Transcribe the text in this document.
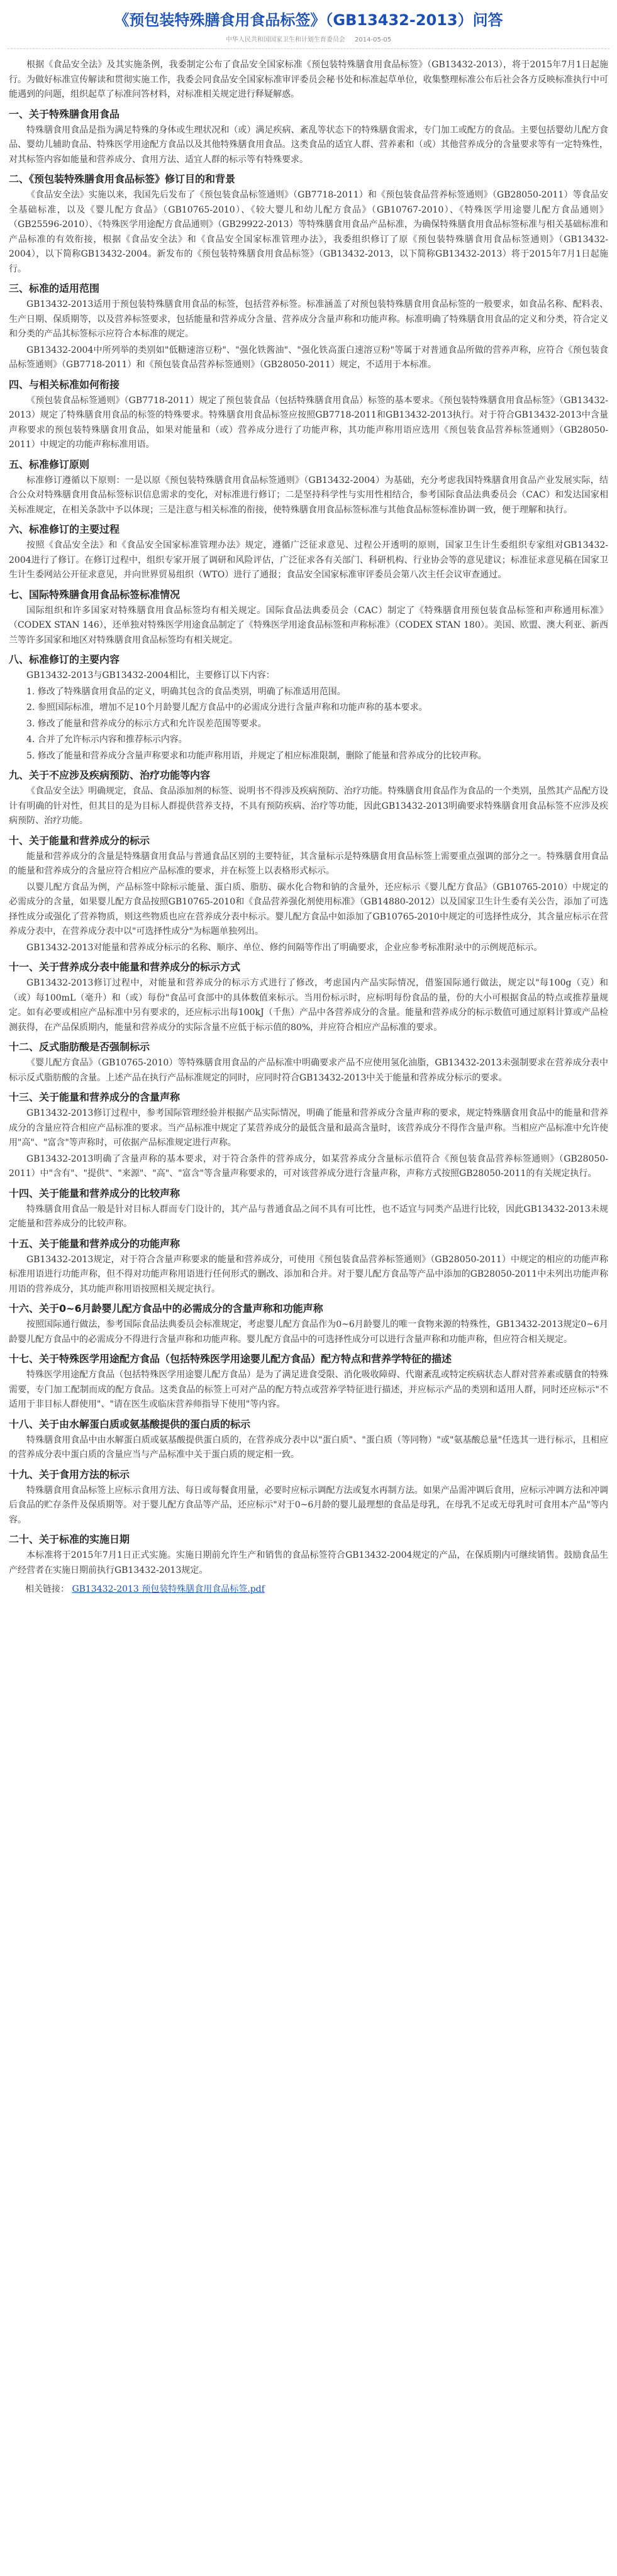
《预包装特殊膳食用食品标签》（GB13432-2013）问答
中华人民共和国国家卫生和计划生育委员会 2014-05-05

根据《食品安全法》及其实施条例，我委制定公布了食品安全国家标准《预包装特殊膳食用食品标签》（GB13432-2013），将于2015年7月1日起施行。为做好标准宣传解读和贯彻实施工作，我委会同食品安全国家标准审评委员会秘书处和标准起草单位，收集整理标准公布后社会各方反映标准执行中可能遇到的问题，组织起草了标准问答材料，对标准相关规定进行释疑解惑。

一、关于特殊膳食用食品

特殊膳食用食品是指为满足特殊的身体或生理状况和（或）满足疾病、紊乱等状态下的特殊膳食需求，专门加工或配方的食品。主要包括婴幼儿配方食品、婴幼儿辅助食品、特殊医学用途配方食品以及其他特殊膳食用食品。这类食品的适宜人群、营养素和（或）其他营养成分的含量要求等有一定特殊性，对其标签内容如能量和营养成分、食用方法、适宜人群的标示等有特殊要求。

二、《预包装特殊膳食用食品标签》修订目的和背景

《食品安全法》实施以来，我国先后发布了《预包装食品标签通则》（GB7718-2011）和《预包装食品营养标签通则》（GB28050-2011）等食品安全基础标准，以及《婴儿配方食品》（GB10765-2010）、《较大婴儿和幼儿配方食品》（GB10767-2010）、《特殊医学用途婴儿配方食品通则》（GB25596-2010）、《特殊医学用途配方食品通则》（GB29922-2013）等特殊膳食用食品产品标准，为确保特殊膳食用食品标签标准与相关基础标准和产品标准的有效衔接，根据《食品安全法》和《食品安全国家标准管理办法》，我委组织修订了原《预包装特殊膳食用食品标签通则》（GB13432-2004），以下简称GB13432-2004。新发布的《预包装特殊膳食用食品标签》（GB13432-2013，以下简称GB13432-2013）将于2015年7月1日起施行。

三、标准的适用范围

GB13432-2013适用于预包装特殊膳食用食品的标签，包括营养标签。标准涵盖了对预包装特殊膳食用食品标签的一般要求，如食品名称、配料表、生产日期、保质期等，以及营养标签要求，包括能量和营养成分含量、营养成分含量声称和功能声称。标准明确了特殊膳食用食品的定义和分类，符合定义和分类的产品其标签标示应符合本标准的规定。

GB13432-2004中所列举的类别如"低糖速溶豆粉"、"强化铁酱油"、"强化铁高蛋白速溶豆粉"等属于对普通食品所做的营养声称，应符合《预包装食品标签通则》（GB7718-2011）和《预包装食品营养标签通则》（GB28050-2011）规定，不适用于本标准。

四、与相关标准如何衔接

《预包装食品标签通则》（GB7718-2011）规定了预包装食品（包括特殊膳食用食品）标签的基本要求。《预包装特殊膳食用食品标签》（GB13432-2013）规定了特殊膳食用食品的标签的特殊要求。特殊膳食用食品标签应按照GB7718-2011和GB13432-2013执行。对于符合GB13432-2013中含量声称要求的预包装特殊膳食用食品，如果对能量和（或）营养成分进行了功能声称，其功能声称用语应选用《预包装食品营养标签通则》（GB28050-2011）中规定的功能声称标准用语。

五、标准修订原则

标准修订遵循以下原则：一是以原《预包装特殊膳食用食品标签通则》（GB13432-2004）为基础，充分考虑我国特殊膳食用食品产业发展实际，结合公众对特殊膳食用食品标签标识信息需求的变化，对标准进行修订；二是坚持科学性与实用性相结合，参考国际食品法典委员会（CAC）和发达国家相关标准规定，在相关条款中予以体现；三是注意与相关标准的衔接，使特殊膳食用食品标签标准与其他食品标签标准协调一致，便于理解和执行。

六、标准修订的主要过程

按照《食品安全法》和《食品安全国家标准管理办法》规定，遵循广泛征求意见、过程公开透明的原则，国家卫生计生委组织专家组对GB13432-2004进行了修订。在修订过程中，组织专家开展了调研和风险评估，广泛征求各有关部门、科研机构、行业协会等的意见建议；标准征求意见稿在国家卫生计生委网站公开征求意见，并向世界贸易组织（WTO）进行了通报；食品安全国家标准审评委员会第八次主任会议审查通过。

七、国际特殊膳食用食品标签标准情况

国际组织和许多国家对特殊膳食用食品标签均有相关规定。国际食品法典委员会（CAC）制定了《特殊膳食用预包装食品标签和声称通用标准》（CODEX STAN 146），还单独对特殊医学用途食品制定了《特殊医学用途食品标签和声称标准》（CODEX STAN 180）。美国、欧盟、澳大利亚、新西兰等许多国家和地区对特殊膳食用食品标签均有相关规定。

八、标准修订的主要内容

GB13432-2013与GB13432-2004相比，主要修订以下内容：

1. 修改了特殊膳食用食品的定义，明确其包含的食品类别，明确了标准适用范围。

2. 参照国际标准，增加不足10个月龄婴儿配方食品中的必需成分进行含量声称和功能声称的基本要求。

3. 修改了能量和营养成分的标示方式和允许误差范围等要求。

4. 合并了允许标示内容和推荐标示内容。

5. 修改了能量和营养成分含量声称要求和功能声称用语，并规定了相应标准限制，删除了能量和营养成分的比较声称。

九、关于不应涉及疾病预防、治疗功能等内容

《食品安全法》明确规定，食品、食品添加剂的标签、说明书不得涉及疾病预防、治疗功能。特殊膳食用食品作为食品的一个类别，虽然其产品配方设计有明确的针对性，但其目的是为目标人群提供营养支持，不具有预防疾病、治疗等功能，因此GB13432-2013明确要求特殊膳食用食品标签不应涉及疾病预防、治疗功能。

十、关于能量和营养成分的标示

能量和营养成分的含量是特殊膳食用食品与普通食品区别的主要特征，其含量标示是特殊膳食用食品标签上需要重点强调的部分之一。特殊膳食用食品的能量和营养成分的含量应符合相应产品标准的要求，并在标签上以表格形式标示。

以婴儿配方食品为例，产品标签中除标示能量、蛋白质、脂肪、碳水化合物和钠的含量外，还应标示《婴儿配方食品》（GB10765-2010）中规定的必需成分的含量，如果婴儿配方食品按照GB10765-2010和《食品营养强化剂使用标准》（GB14880-2012）以及国家卫生计生委有关公告，添加了可选择性成分或强化了营养物质，则这些物质也应在营养成分表中标示。婴儿配方食品中如添加了GB10765-2010中规定的可选择性成分，其含量应标示在营养成分表中，在营养成分表中以"可选择性成分"为标题单独列出。

GB13432-2013对能量和营养成分标示的名称、顺序、单位、修约间隔等作出了明确要求，企业应参考标准附录中的示例规范标示。

十一、关于营养成分表中能量和营养成分的标示方式

GB13432-2013修订过程中，对能量和营养成分的标示方式进行了修改，考虑国内产品实际情况，借鉴国际通行做法，规定以"每100g（克）和（或）每100mL（毫升）和（或）每份"食品可食部中的具体数值来标示。当用份标示时，应标明每份食品的量，份的大小可根据食品的特点或推荐量规定。如有必要或相应产品标准中另有要求的，还应标示出每100kJ（千焦）产品中各营养成分的含量。能量和营养成分的标示数值可通过原料计算或产品检测获得，在产品保质期内，能量和营养成分的实际含量不应低于标示值的80%，并应符合相应产品标准的要求。

十二、反式脂肪酸是否强制标示

《婴儿配方食品》（GB10765-2010）等特殊膳食用食品的产品标准中明确要求产品不应使用氢化油脂，GB13432-2013未强制要求在营养成分表中标示反式脂肪酸的含量。上述产品在执行产品标准规定的同时，应同时符合GB13432-2013中关于能量和营养成分标示的要求。

十三、关于能量和营养成分的含量声称

GB13432-2013修订过程中，参考国际管理经验并根据产品实际情况，明确了能量和营养成分含量声称的要求，规定特殊膳食用食品中的能量和营养成分的含量应符合相应产品标准的要求。当产品标准中规定了某营养成分的最低含量和最高含量时，该营养成分不得作含量声称。当相应产品标准中允许使用"高"、"富含"等声称时，可依据产品标准规定进行声称。

GB13432-2013明确了含量声称的基本要求，对于符合条件的营养成分，如某营养成分含量标示值符合《预包装食品营养标签通则》（GB28050-2011）中"含有"、"提供"、"来源"、"高"、"富含"等含量声称要求的，可对该营养成分进行含量声称，声称方式按照GB28050-2011的有关规定执行。

十四、关于能量和营养成分的比较声称

特殊膳食用食品一般是针对目标人群而专门设计的，其产品与普通食品之间不具有可比性，也不适宜与同类产品进行比较，因此GB13432-2013未规定能量和营养成分的比较声称。

十五、关于能量和营养成分的功能声称

GB13432-2013规定，对于符合含量声称要求的能量和营养成分，可使用《预包装食品营养标签通则》（GB28050-2011）中规定的相应的功能声称标准用语进行功能声称，但不得对功能声称用语进行任何形式的删改、添加和合并。对于婴儿配方食品等产品中添加的GB28050-2011中未列出功能声称用语的营养成分，其功能声称用语按照相关规定执行。

十六、关于0~6月龄婴儿配方食品中的必需成分的含量声称和功能声称

按照国际通行做法，参考国际食品法典委员会标准规定，考虑婴儿配方食品作为0~6月龄婴儿的唯一食物来源的特殊性，GB13432-2013规定0~6月龄婴儿配方食品中的必需成分不得进行含量声称和功能声称。婴儿配方食品中的可选择性成分可以进行含量声称和功能声称，但应符合相关规定。

十七、关于特殊医学用途配方食品（包括特殊医学用途婴儿配方食品）配方特点和营养学特征的描述

特殊医学用途配方食品（包括特殊医学用途婴儿配方食品）是为了满足进食受限、消化吸收障碍、代谢紊乱或特定疾病状态人群对营养素或膳食的特殊需要，专门加工配制而成的配方食品。这类食品的标签上可对产品的配方特点或营养学特征进行描述，并应标示产品的类别和适用人群，同时还应标示"不适用于非目标人群使用"、"请在医生或临床营养师指导下使用"等内容。

十八、关于由水解蛋白质或氨基酸提供的蛋白质的标示

特殊膳食用食品中由水解蛋白质或氨基酸提供蛋白质的，在营养成分表中以"蛋白质"、"蛋白质（等同物）"或"氨基酸总量"任选其一进行标示，且相应的营养成分表中蛋白质的含量应当与产品标准中关于蛋白质的规定相一致。

十九、关于食用方法的标示

特殊膳食用食品标签上应标示食用方法、每日或每餐食用量，必要时应标示调配方法或复水再制方法。如果产品需冲调后食用，应标示冲调方法和冲调后食品的贮存条件及保质期等。对于婴儿配方食品等产品，还应标示"对于0~6月龄的婴儿最理想的食品是母乳，在母乳不足或无母乳时可食用本产品"等内容。

二十、关于标准的实施日期

本标准将于2015年7月1日正式实施。实施日期前允许生产和销售的食品标签符合GB13432-2004规定的产品，在保质期内可继续销售。鼓励食品生产经营者在实施日期前执行GB13432-2013规定。

相关链接： GB13432-2013 预包装特殊膳食用食品标签.pdf
